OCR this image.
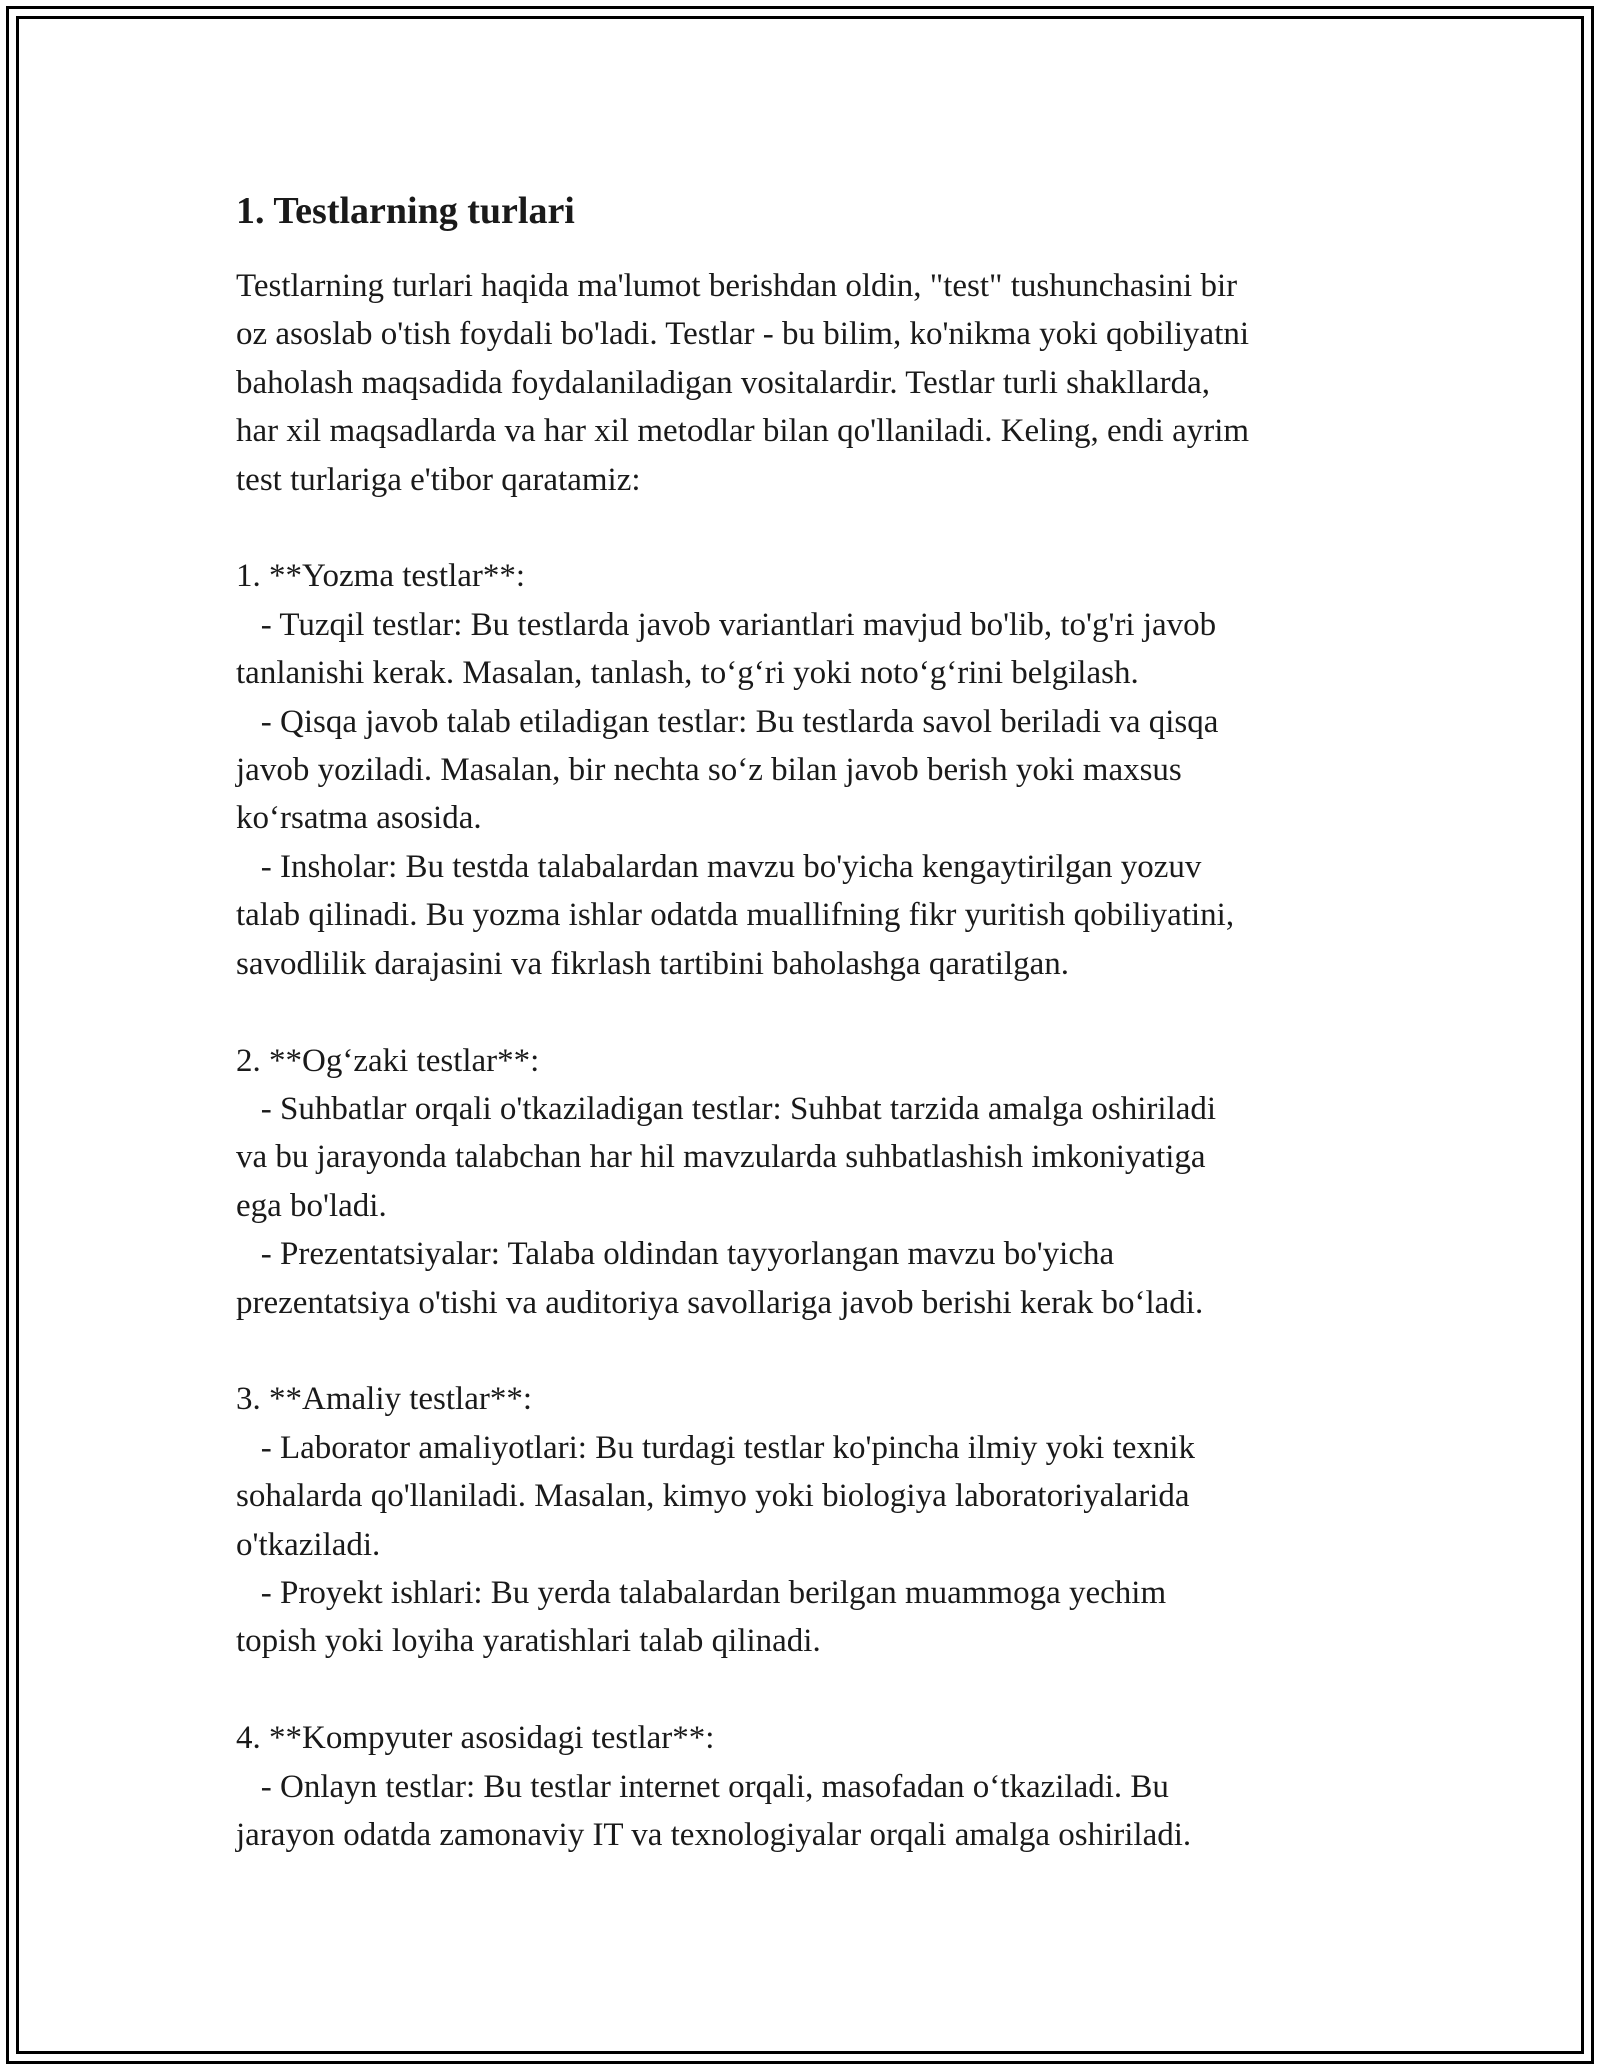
1. Testlarning turlari

Testlarning turlari haqida ma'lumot berishdan oldin, "test" tushunchasini bir
oz asoslab o'tish foydali bo'ladi. Testlar - bu bilim, ko'nikma yoki qobiliyatni
baholash maqsadida foydalaniladigan vositalardir. Testlar turli shakllarda,
har xil maqsadlarda va har xil metodlar bilan qo'llaniladi. Keling, endi ayrim
test turlariga e'tibor qaratamiz:

1. **Yozma testlar**:

- Tuzqil testlar: Bu testlarda javob variantlari mavjud bo'lib, to'g'ri javob
tanlanishi kerak. Masalan, tanlash, to‘g‘ri yoki noto‘g‘rini belgilash.
- Qisqa javob talab etiladigan testlar: Bu testlarda savol beriladi va qisqa
javob yoziladi. Masalan, bir nechta so‘z bilan javob berish yoki maxsus
ko‘rsatma asosida.
- Insholar: Bu testda talabalardan mavzu bo'yicha kengaytirilgan yozuv
talab qilinadi. Bu yozma ishlar odatda muallifning fikr yuritish qobiliyatini,
savodlilik darajasini va fikrlash tartibini baholashga qaratilgan.

2. **Og‘zaki testlar**:

- Suhbatlar orqali o'tkaziladigan testlar: Suhbat tarzida amalga oshiriladi
va bu jarayonda talabchan har hil mavzularda suhbatlashish imkoniyatiga
ega bo'ladi.
- Prezentatsiyalar: Talaba oldindan tayyorlangan mavzu bo'yicha
prezentatsiya o'tishi va auditoriya savollariga javob berishi kerak bo‘ladi.

3. **Amaliy testlar**:

- Laborator amaliyotlari: Bu turdagi testlar ko'pincha ilmiy yoki texnik
sohalarda qo'llaniladi. Masalan, kimyo yoki biologiya laboratoriyalarida
o'tkaziladi.
- Proyekt ishlari: Bu yerda talabalardan berilgan muammoga yechim
topish yoki loyiha yaratishlari talab qilinadi.

4. **Kompyuter asosidagi testlar**:

- Onlayn testlar: Bu testlar internet orqali, masofadan o‘tkaziladi. Bu
jarayon odatda zamonaviy IT va texnologiyalar orqali amalga oshiriladi.
